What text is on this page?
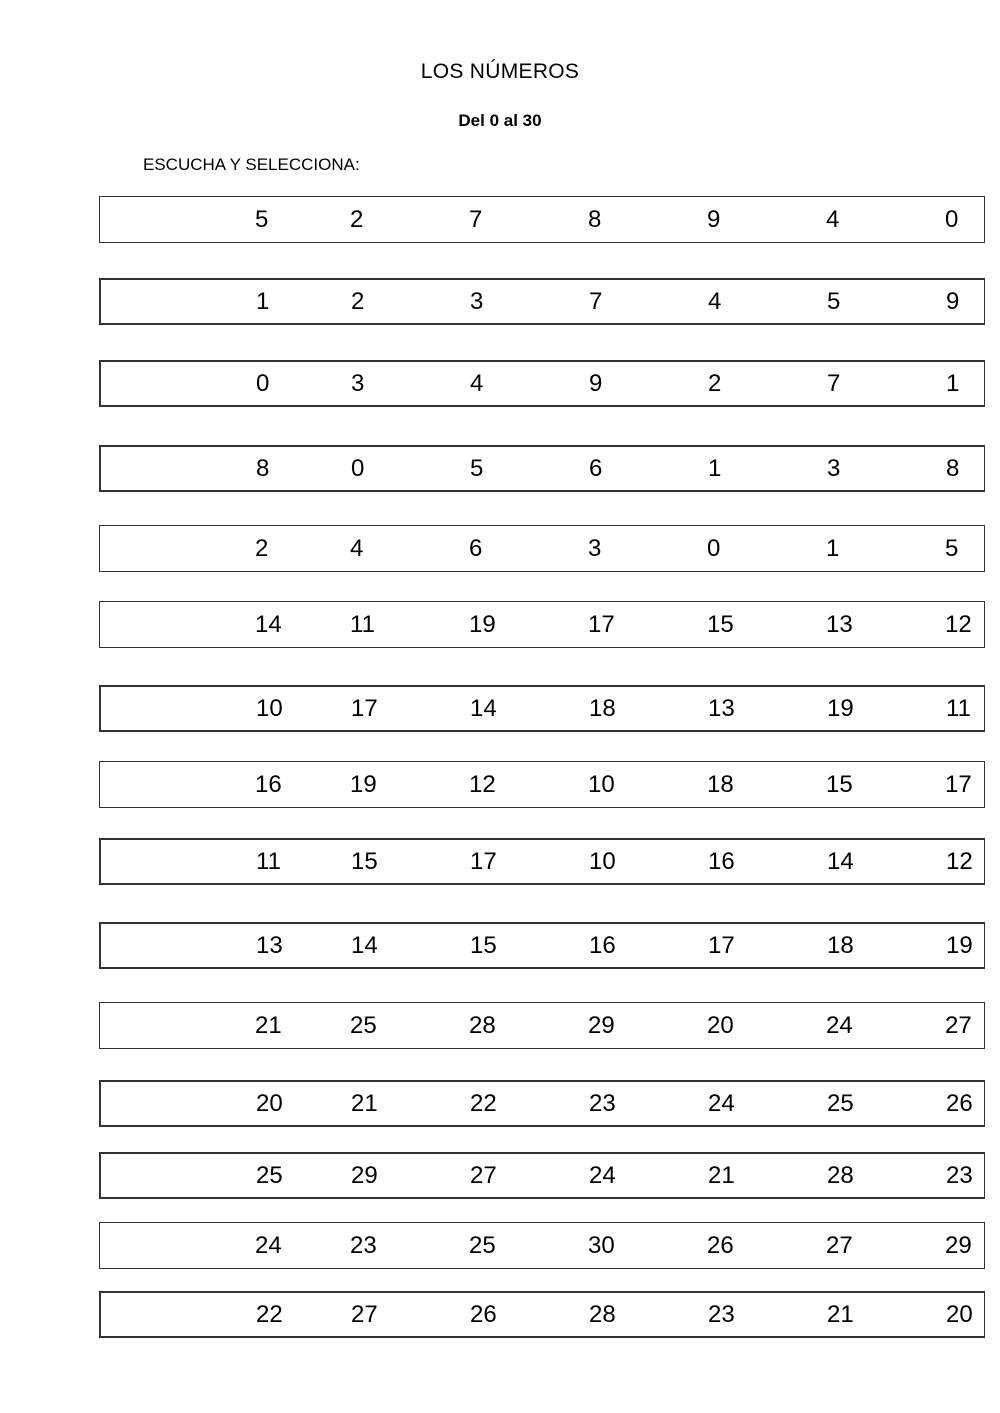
LOS NÚMEROS
Del 0 al 30
ESCUCHA Y SELECCIONA:
5	2	7	8	9	4	0
1	2	3	7	4	5	9
0	3	4	9	2	7	1
8	0	5	6	1	3	8
2	4	6	3	0	1	5
14	11	19	17	15	13	12
10	17	14	18	13	19	11
16	19	12	10	18	15	17
11	15	17	10	16	14	12
13	14	15	16	17	18	19
21	25	28	29	20	24	27
20	21	22	23	24	25	26
25	29	27	24	21	28	23
24	23	25	30	26	27	29
22	27	26	28	23	21	20
